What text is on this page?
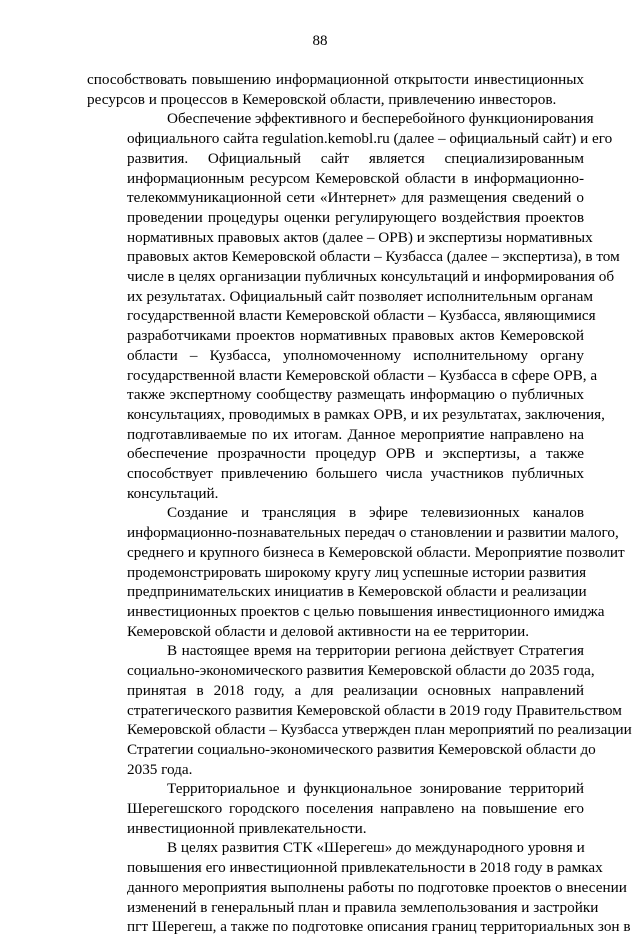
88
способствовать повышению информационной открытости инвестиционных
ресурсов и процессов в Кемеровской области, привлечению инвесторов.
Обеспечение эффективного и бесперебойного функционирования
официального сайта regulation.kemobl.ru (далее – официальный сайт) и его
развития. Официальный сайт является специализированным
информационным ресурсом Кемеровской области в информационно-
телекоммуникационной сети «Интернет» для размещения сведений о
проведении процедуры оценки регулирующего воздействия проектов
нормативных правовых актов (далее – ОРВ) и экспертизы нормативных
правовых актов Кемеровской области – Кузбасса (далее – экспертиза), в том
числе в целях организации публичных консультаций и информирования об
их результатах. Официальный сайт позволяет исполнительным органам
государственной власти Кемеровской области – Кузбасса, являющимися
разработчиками проектов нормативных правовых актов Кемеровской
области – Кузбасса, уполномоченному исполнительному органу
государственной власти Кемеровской области – Кузбасса в сфере ОРВ, а
также экспертному сообществу размещать информацию о публичных
консультациях, проводимых в рамках ОРВ, и их результатах, заключения,
подготавливаемые по их итогам. Данное мероприятие направлено на
обеспечение прозрачности процедур ОРВ и экспертизы, а также
способствует привлечению большего числа участников публичных
консультаций.
Создание и трансляция в эфире телевизионных каналов
информационно-познавательных передач о становлении и развитии малого,
среднего и крупного бизнеса в Кемеровской области. Мероприятие позволит
продемонстрировать широкому кругу лиц успешные истории развития
предпринимательских инициатив в Кемеровской области и реализации
инвестиционных проектов с целью повышения инвестиционного имиджа
Кемеровской области и деловой активности на ее территории.
В настоящее время на территории региона действует Стратегия
социально-экономического развития Кемеровской области до 2035 года,
принятая в 2018 году, а для реализации основных направлений
стратегического развития Кемеровской области в 2019 году Правительством
Кемеровской области – Кузбасса утвержден план мероприятий по реализации
Стратегии социально-экономического развития Кемеровской области до
2035 года.
Территориальное и функциональное зонирование территорий
Шерегешского городского поселения направлено на повышение его
инвестиционной привлекательности.
В целях развития СТК «Шерегеш» до международного уровня и
повышения его инвестиционной привлекательности в 2018 году в рамках
данного мероприятия выполнены работы по подготовке проектов о внесении
изменений в генеральный план и правила землепользования и застройки
пгт Шерегеш, а также по подготовке описания границ территориальных зон в
